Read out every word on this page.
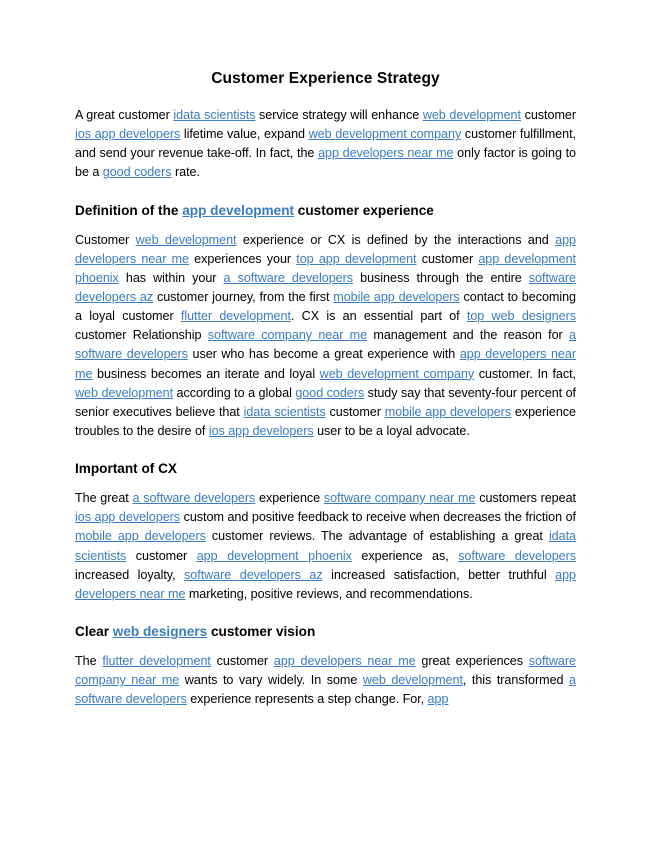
Customer Experience Strategy

A great customer idata scientists service strategy will enhance web development customer ios app developers lifetime value, expand web development company customer fulfillment, and send your revenue take-off. In fact, the app developers near me only factor is going to be a good coders rate.

Definition of the app development customer experience

Customer web development experience or CX is defined by the interactions and app developers near me experiences your top app development customer app development phoenix has within your a software developers business through the entire software developers az customer journey, from the first mobile app developers contact to becoming a loyal customer flutter development. CX is an essential part of top web designers customer Relationship software company near me management and the reason for a software developers user who has become a great experience with app developers near me business becomes an iterate and loyal web development company customer. In fact, web development according to a global good coders study say that seventy-four percent of senior executives believe that idata scientists customer mobile app developers experience troubles to the desire of ios app developers user to be a loyal advocate.

Important of CX

The great a software developers experience software company near me customers repeat ios app developers custom and positive feedback to receive when decreases the friction of mobile app developers customer reviews. The advantage of establishing a great idata scientists customer app development phoenix experience as, software developers increased loyalty, software developers az increased satisfaction, better truthful app developers near me marketing, positive reviews, and recommendations.

Clear web designers customer vision

The flutter development customer app developers near me great experiences software company near me wants to vary widely. In some web development, this transformed a software developers experience represents a step change. For, app
